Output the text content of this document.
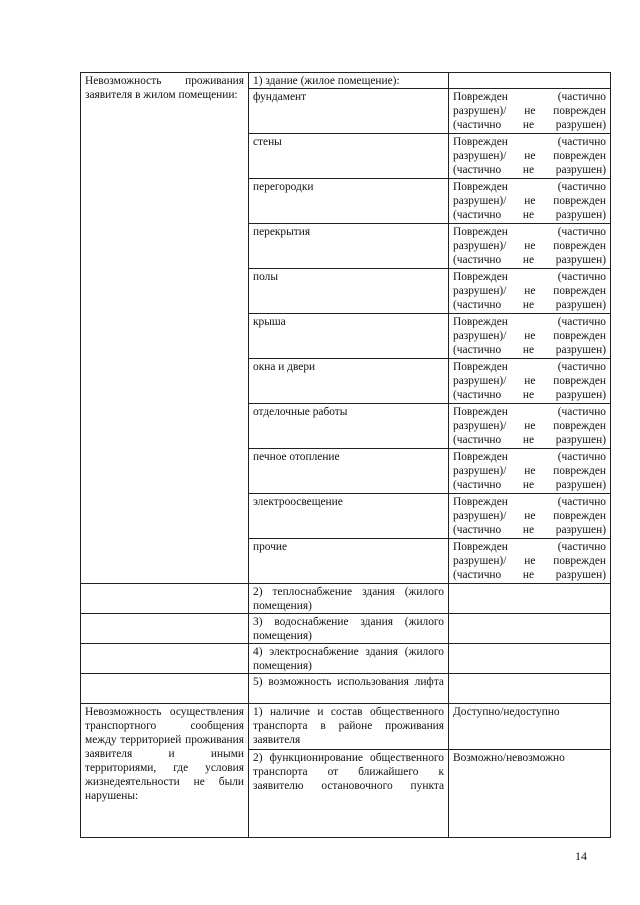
Невозможность проживания заявителя в жилом помещении:	1) здание (жилое помещение):	
	фундамент	Поврежден (частично разрушен)/ не поврежден (частично не разрушен)
	стены	Поврежден (частично разрушен)/ не поврежден (частично не разрушен)
	перегородки	Поврежден (частично разрушен)/ не поврежден (частично не разрушен)
	перекрытия	Поврежден (частично разрушен)/ не поврежден (частично не разрушен)
	полы	Поврежден (частично разрушен)/ не поврежден (частично не разрушен)
	крыша	Поврежден (частично разрушен)/ не поврежден (частично не разрушен)
	окна и двери	Поврежден (частично разрушен)/ не поврежден (частично не разрушен)
	отделочные работы	Поврежден (частично разрушен)/ не поврежден (частично не разрушен)
	печное отопление	Поврежден (частично разрушен)/ не поврежден (частично не разрушен)
	электроосвещение	Поврежден (частично разрушен)/ не поврежден (частично не разрушен)
	прочие	Поврежден (частично разрушен)/ не поврежден (частично не разрушен)
	2) теплоснабжение здания (жилого помещения)	
	3) водоснабжение здания (жилого помещения)	
	4) электроснабжение здания (жилого помещения)	
	5) возможность использования лифта	
Невозможность осуществления транспортного сообщения между территорией проживания заявителя и иными территориями, где условия жизнедеятельности не были нарушены:	1) наличие и состав общественного транспорта в районе проживания заявителя	Доступно/недоступно
	2) функционирование общественного транспорта от ближайшего к заявителю остановочного пункта	Возможно/невозможно
14
